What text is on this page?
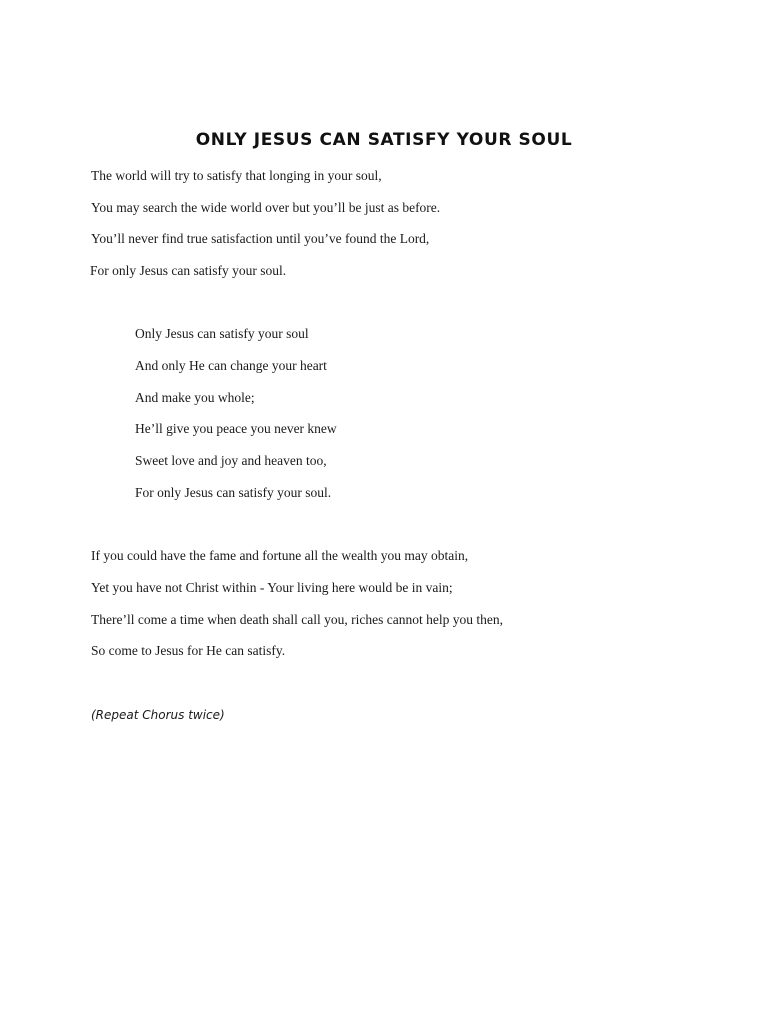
ONLY JESUS CAN SATISFY YOUR SOUL
The world will try to satisfy that longing in your soul,
You may search the wide world over but you’ll be just as before.
You’ll never find true satisfaction until you’ve found the Lord,
For only Jesus can satisfy your soul.
Only Jesus can satisfy your soul
And only He can change your heart
And make you whole;
He’ll give you peace you never knew
Sweet love and joy and heaven too,
For only Jesus can satisfy your soul.
If you could have the fame and fortune all the wealth you may obtain,
Yet you have not Christ within - Your living here would be in vain;
There’ll come a time when death shall call you, riches cannot help you then,
So come to Jesus for He can satisfy.
(Repeat Chorus twice)
